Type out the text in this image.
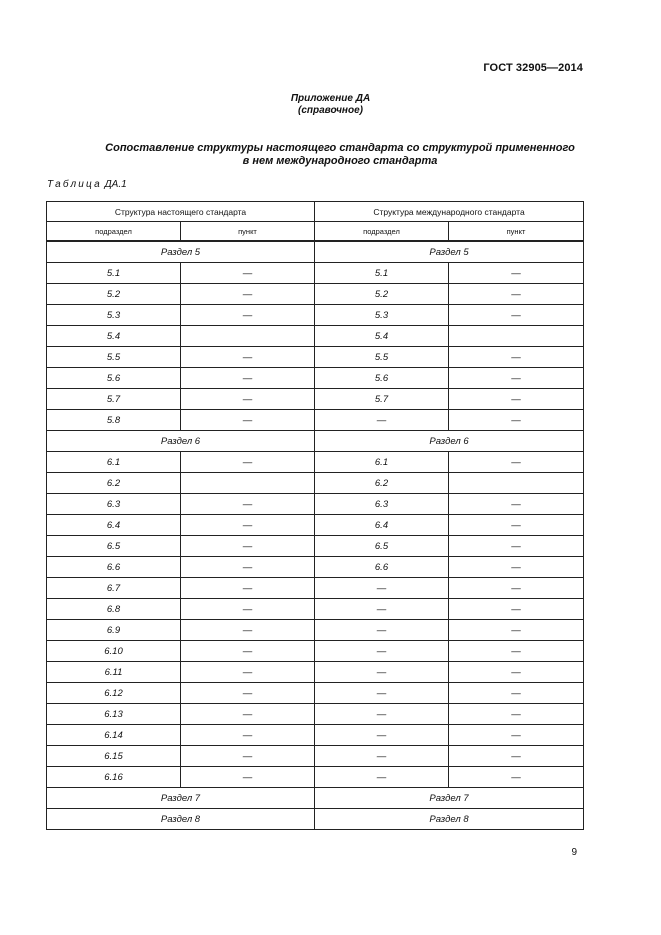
ГОСТ 32905—2014
Приложение ДА
(справочное)
Сопоставление структуры настоящего стандарта со структурой примененного
в нем международного стандарта
Таблица ДА.1
Структура настоящего стандарта		Структура международного стандарта	
подраздел	пункт	подраздел	пункт
Раздел 5		Раздел 5	
5.1	—	5.1	—
5.2	—	5.2	—
5.3	—	5.3	—
5.4		5.4	
5.5	—	5.5	—
5.6	—	5.6	—
5.7	—	5.7	—
5.8	—	—	—
Раздел 6		Раздел 6	
6.1	—	6.1	—
6.2		6.2	
6.3	—	6.3	—
6.4	—	6.4	—
6.5	—	6.5	—
6.6	—	6.6	—
6.7	—	—	—
6.8	—	—	—
6.9	—	—	—
6.10	—	—	—
6.11	—	—	—
6.12	—	—	—
6.13	—	—	—
6.14	—	—	—
6.15	—	—	—
6.16	—	—	—
Раздел 7		Раздел 7	
Раздел 8		Раздел 8	
9
